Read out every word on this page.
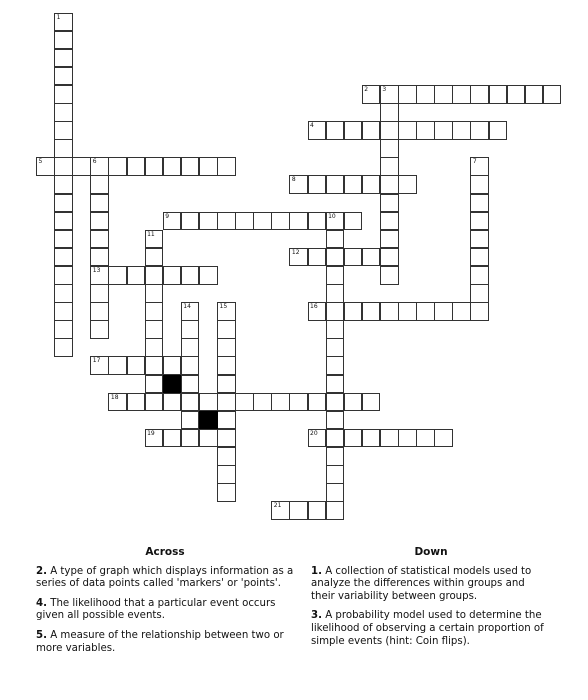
1
2 3
4
5	6
13
7
8
9	10
11
12
14	15	16
17
18
19	20
21
Across

2. A type of graph which displays information as a series of data points called 'markers' or 'points'.

4. The likelihood that a particular event occurs given all possible events.

5. A measure of the relationship between two or more variables.

Down

1. A collection of statistical models used to analyze the differences within groups and their variability between groups.

3. A probability model used to determine the likelihood of observing a certain proportion of simple events (hint: Coin flips).
